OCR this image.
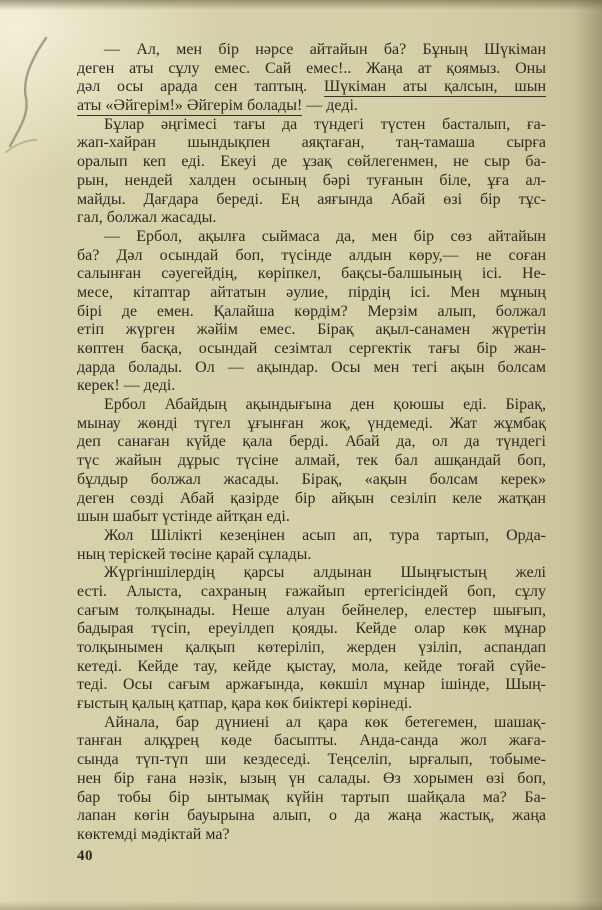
— Ал, мен бір нәрсе айтайын ба? Бұның Шүкіман
деген аты сұлу емес. Сай емес!.. Жаңа ат қоямыз. Оны
дәл осы арада сен таптың. Шүкіман аты қалсын, шын
аты «Әйгерім!» Әйгерім болады! — деді.
Бұлар әңгімесі тағы да түндегі түстен басталып, ға-
жап-хайран шындықпен аяқтаған, таң-тамаша сырға
оралып кеп еді. Екеуі де ұзақ сөйлегенмен, не сыр ба-
рын, нендей халден осының бәрі туғанын біле, ұға ал-
майды. Дағдара береді. Ең аяғында Абай өзі бір тұс-
гал, болжал жасады.
— Ербол, ақылға сыймаса да, мен бір сөз айтайын
ба? Дәл осындай боп, түсінде алдын көру,— не соған
салынған сәуегейдің, көріпкел, бақсы-балшының ісі. Не-
месе, кітаптар айтатын әулие, пірдің ісі. Мен мұның
бірі де емен. Қалайша көрдім? Мерзім алып, болжал
етіп жүрген жәйім емес. Бірақ ақыл-санамен жүретін
көптен басқа, осындай сезімтал сергектік тағы бір жан-
дарда болады. Ол — ақындар. Осы мен тегі ақын болсам
керек! — деді.
Ербол Абайдың ақындығына ден қоюшы еді. Бірақ,
мынау жөнді түгел ұғынған жоқ, үндемеді. Жат жұмбақ
деп санаған күйде қала берді. Абай да, ол да түндегі
түс жайын дұрыс түсіне алмай, тек бал ашқандай боп,
бұлдыр болжал жасады. Бірақ, «ақын болсам керек»
деген сөзді Абай қазірде бір айқын сезіліп келе жатқан
шын шабыт үстінде айтқан еді.
Жол Шілікті кезеңінен асып ап, тура тартып, Орда-
ның теріскей төсіне қарай сұлады.
Жүргіншілердің қарсы алдынан Шыңғыстың желі
есті. Алыста, сахраның ғажайып ертегісіндей боп, сұлу
сағым толқынады. Неше алуан бейнелер, елестер шығып,
бадырая түсіп, ереуілдеп қояды. Кейде олар көк мұнар
толқынымен қалқып көтеріліп, жерден үзіліп, аспандап
кетеді. Кейде тау, кейде қыстау, мола, кейде тоғай сүйе-
теді. Осы сағым аржағында, көкшіл мұнар ішінде, Шың-
ғыстың қалың қатпар, қара көк биіктері көрінеді.
Айнала, бар дүниені ал қара көк бетегемен, шашақ-
танған алқұрең көде басыпты. Анда-санда жол жаға-
сында түп-түп ши кездеседі. Теңселіп, ырғалып, тобыме-
нен бір ғана нәзік, ызың үн салады. Өз хорымен өзі боп,
бар тобы бір ынтымақ күйін тартып шайқала ма? Ба-
лапан көгін бауырына алып, о да жаңа жастық, жаңа
көктемді мәдіктай ма?
40
